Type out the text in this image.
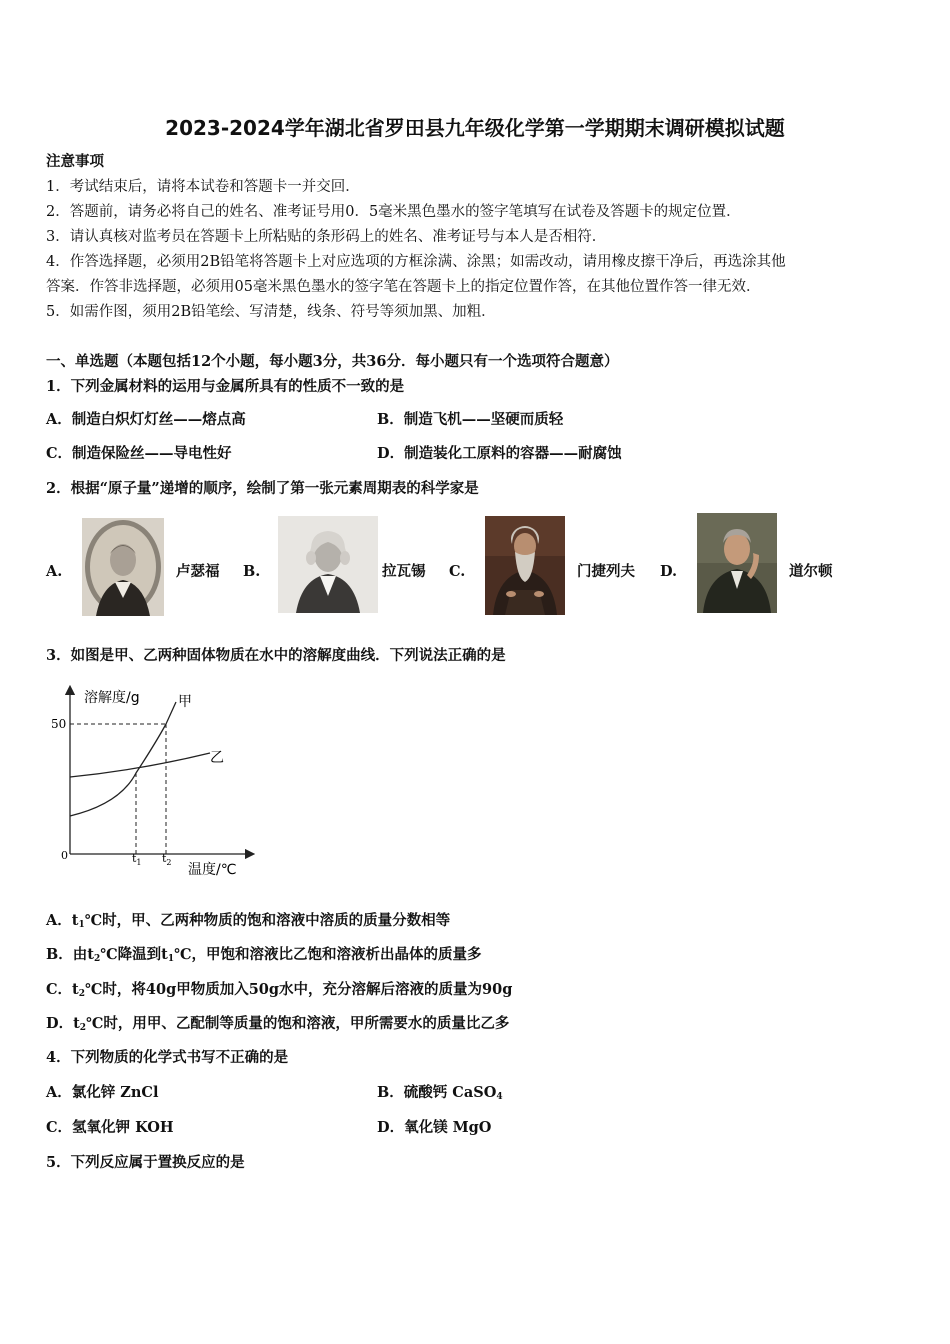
2023-2024学年湖北省罗田县九年级化学第一学期期末调研模拟试题
注意事项
1．考试结束后，请将本试卷和答题卡一并交回．
2．答题前，请务必将自己的姓名、准考证号用0．5毫米黑色墨水的签字笔填写在试卷及答题卡的规定位置．
3．请认真核对监考员在答题卡上所粘贴的条形码上的姓名、准考证号与本人是否相符．
4．作答选择题，必须用2B铅笔将答题卡上对应选项的方框涂满、涂黑；如需改动，请用橡皮擦干净后，再选涂其他
答案．作答非选择题，必须用05毫米黑色墨水的签字笔在答题卡上的指定位置作答，在其他位置作答一律无效．
5．如需作图，须用2B铅笔绘、写清楚，线条、符号等须加黑、加粗．
一、单选题（本题包括12个小题，每小题3分，共36分．每小题只有一个选项符合题意）
1．下列金属材料的运用与金属所具有的性质不一致的是
A．制造白炽灯灯丝——熔点高	B．制造飞机——坚硬而质轻
C．制造保险丝——导电性好	D．制造装化工原料的容器——耐腐蚀
2．根据“原子量”递增的顺序，绘制了第一张元素周期表的科学家是
A.	卢瑟福 B.	拉瓦锡 C.	门捷列夫 D.	道尔顿
3．如图是甲、乙两种固体物质在水中的溶解度曲线．下列说法正确的是
溶解度/g
温度/℃
0
50
甲
乙
$t_1$ $t_2$
A．$t_1℃$时，甲、乙两种物质的饱和溶液中溶质的质量分数相等
B．由$t_2℃$降温到$t_1℃$，甲饱和溶液比乙饱和溶液析出晶体的质量多
C．$t_2℃$时，将40g甲物质加入50g水中，充分溶解后溶液的质量为90g
D．$t_2℃$时，用甲、乙配制等质量的饱和溶液，甲所需要水的质量比乙多
4．下列物质的化学式书写不正确的是
A．氯化锌 ZnCl	B．硫酸钙 CaSO$_4$
C．氢氧化钾 KOH	D．氧化镁 MgO
5．下列反应属于置换反应的是
